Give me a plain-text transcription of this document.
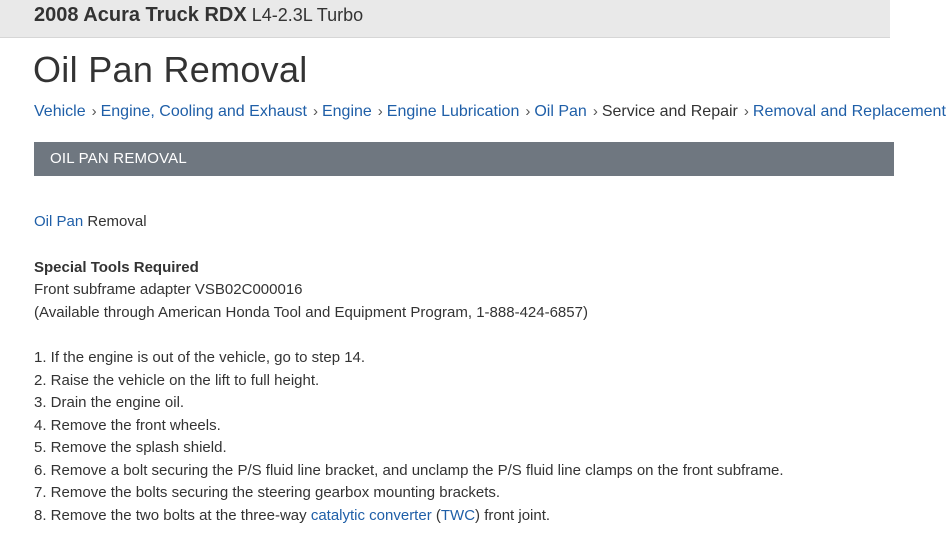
2008 Acura Truck RDX L4-2.3L Turbo
Oil Pan Removal
Vehicle › Engine, Cooling and Exhaust › Engine › Engine Lubrication › Oil Pan › Service and Repair › Removal and Replacement
OIL PAN REMOVAL

Oil Pan Removal

Special Tools Required

Front subframe adapter VSB02C000016

(Available through American Honda Tool and Equipment Program, 1-888-424-6857)

1. If the engine is out of the vehicle, go to step 14.
2. Raise the vehicle on the lift to full height.
3. Drain the engine oil.
4. Remove the front wheels.
5. Remove the splash shield.
6. Remove a bolt securing the P/S fluid line bracket, and unclamp the P/S fluid line clamps on the front subframe.
7. Remove the bolts securing the steering gearbox mounting brackets.
8. Remove the two bolts at the three-way catalytic converter (TWC) front joint.
